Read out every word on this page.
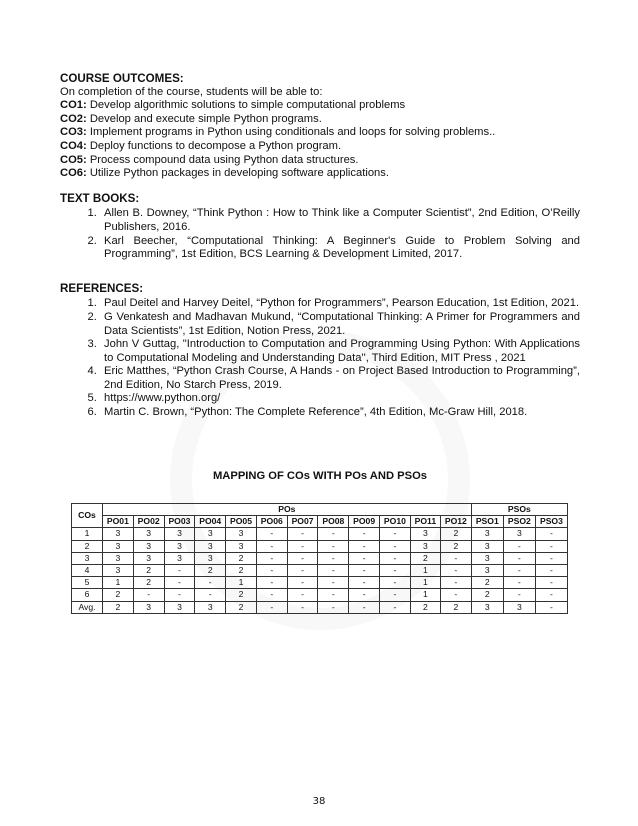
COURSE OUTCOMES:

On completion of the course, students will be able to:

CO1: Develop algorithmic solutions to simple computational problems

CO2: Develop and execute simple Python programs.

CO3: Implement programs in Python using conditionals and loops for solving problems..

CO4: Deploy functions to decompose a Python program.

CO5: Process compound data using Python data structures.

CO6: Utilize Python packages in developing software applications.

TEXT BOOKS:

1. Allen B. Downey, “Think Python : How to Think like a Computer Scientist”, 2nd Edition, O’Reilly Publishers, 2016.
2. Karl Beecher, “Computational Thinking: A Beginner's Guide to Problem Solving and Programming”, 1st Edition, BCS Learning & Development Limited, 2017.

REFERENCES:

1. Paul Deitel and Harvey Deitel, “Python for Programmers”, Pearson Education, 1st Edition, 2021.
2. G Venkatesh and Madhavan Mukund, “Computational Thinking: A Primer for Programmers and Data Scientists”, 1st Edition, Notion Press, 2021.
3. John V Guttag, "Introduction to Computation and Programming Using Python: With Applications to Computational Modeling and Understanding Data'', Third Edition, MIT Press , 2021
4. Eric Matthes, “Python Crash Course, A Hands - on Project Based Introduction to Programming”, 2nd Edition, No Starch Press, 2019.
5. https://www.python.org/
6. Martin C. Brown, “Python: The Complete Reference”, 4th Edition, Mc-Graw Hill, 2018.

MAPPING OF COs WITH POs AND PSOs

COs	POs												PSOs		
	PO01	PO02	PO03	PO04	PO05	PO06	PO07	PO08	PO09	PO10	PO11	PO12	PSO1	PSO2	PSO3
1	3	3	3	3	3	-	-	-	-	-	3	2	3	3	-
2	3	3	3	3	3	-	-	-	-	-	3	2	3	-	-
3	3	3	3	3	2	-	-	-	-	-	2	-	3	-	-
4	3	2	-	2	2	-	-	-	-	-	1	-	3	-	-
5	1	2	-	-	1	-	-	-	-	-	1	-	2	-	-
6	2	-	-	-	2	-	-	-	-	-	1	-	2	-	-
Avg.	2	3	3	3	2	-	-	-	-	-	2	2	3	3	-
38
